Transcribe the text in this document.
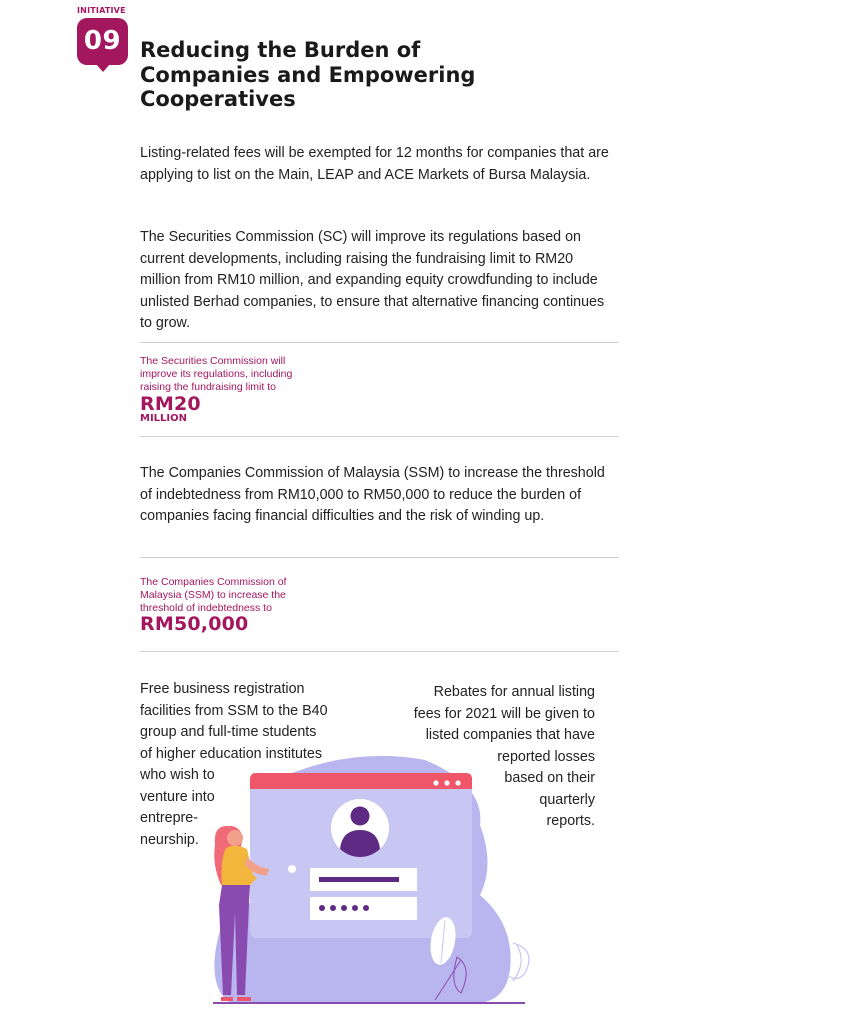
INITIATIVE
09 Reducing the Burden of Companies and Empowering Cooperatives

Listing-related fees will be exempted for 12 months for companies that are applying to list on the Main, LEAP and ACE Markets of Bursa Malaysia.

The Securities Commission (SC) will improve its regulations based on current developments, including raising the fundraising limit to RM20 million from RM10 million, and expanding equity crowdfunding to include unlisted Berhad companies, to ensure that alternative financing continues to grow.

The Securities Commission will improve its regulations, including raising the fundraising limit to

RM20
MILLION

The Companies Commission of Malaysia (SSM) to increase the threshold of indebtedness from RM10,000 to RM50,000 to reduce the burden of companies facing financial difficulties and the risk of winding up.

The Companies Commission of Malaysia (SSM) to increase the threshold of indebtedness to

RM50,000
Free business registration
facilities from SSM to the B40
group and full-time students
of higher education institutes
who wish to
venture into
entrepre-
neurship.
Rebates for annual listing
fees for 2021 will be given to
listed companies that have
reported losses
based on their
quarterly
reports.
